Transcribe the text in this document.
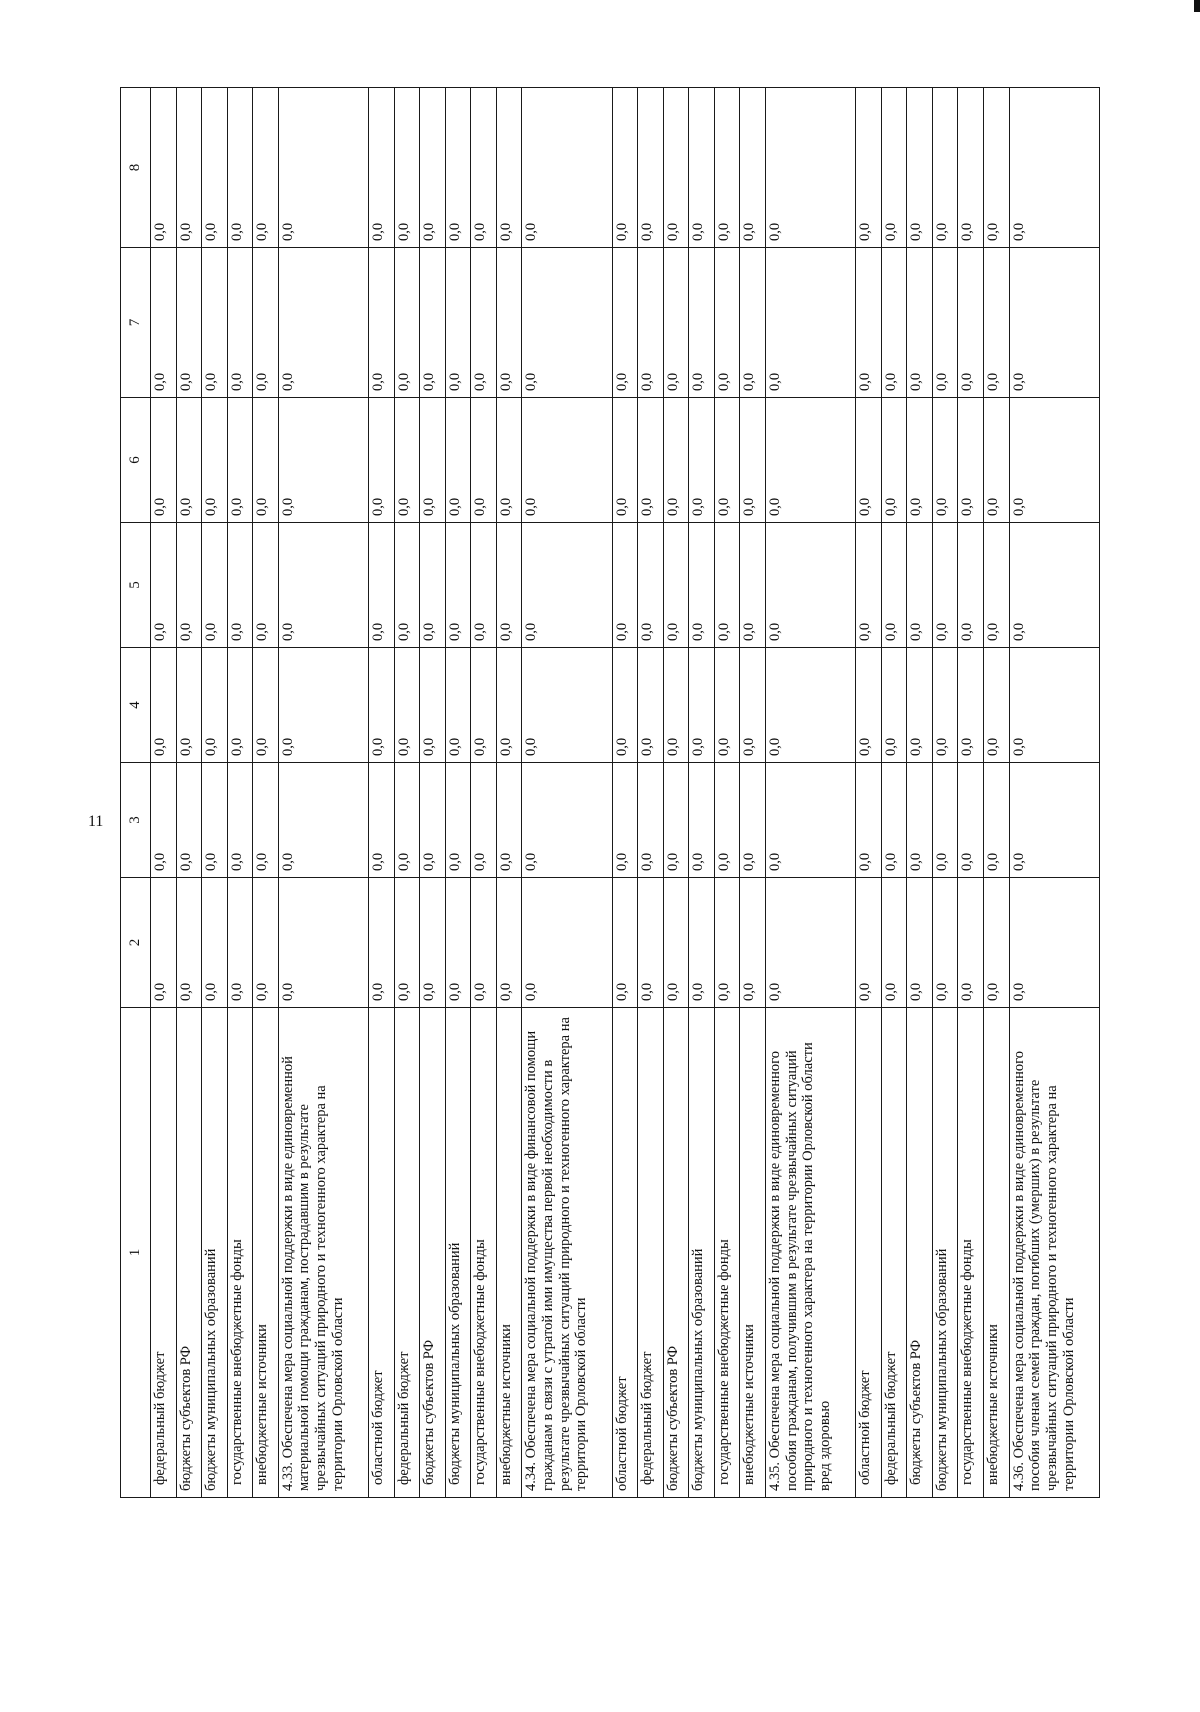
11
1	2	3	4	5	6	7	8
федеральный бюджет	0,0	0,0	0,0	0,0	0,0	0,0	0,0
бюджеты субъектов РФ	0,0	0,0	0,0	0,0	0,0	0,0	0,0
бюджеты муниципальных образований	0,0	0,0	0,0	0,0	0,0	0,0	0,0
государственные внебюджетные фонды	0,0	0,0	0,0	0,0	0,0	0,0	0,0
внебюджетные источники	0,0	0,0	0,0	0,0	0,0	0,0	0,0
4.33. Обеспечена мера социальной поддержки в виде единовременной материальной помощи гражданам, пострадавшим в результате чрезвычайных ситуаций природного и техногенного характера на территории Орловской области	0,0	0,0	0,0	0,0	0,0	0,0	0,0
областной бюджет	0,0	0,0	0,0	0,0	0,0	0,0	0,0
федеральный бюджет	0,0	0,0	0,0	0,0	0,0	0,0	0,0
бюджеты субъектов РФ	0,0	0,0	0,0	0,0	0,0	0,0	0,0
бюджеты муниципальных образований	0,0	0,0	0,0	0,0	0,0	0,0	0,0
государственные внебюджетные фонды	0,0	0,0	0,0	0,0	0,0	0,0	0,0
внебюджетные источники	0,0	0,0	0,0	0,0	0,0	0,0	0,0
4.34. Обеспечена мера социальной поддержки в виде финансовой помощи гражданам в связи с утратой ими имущества первой необходимости в результате чрезвычайных ситуаций природного и техногенного характера на территории Орловской области	0,0	0,0	0,0	0,0	0,0	0,0	0,0
областной бюджет	0,0	0,0	0,0	0,0	0,0	0,0	0,0
федеральный бюджет	0,0	0,0	0,0	0,0	0,0	0,0	0,0
бюджеты субъектов РФ	0,0	0,0	0,0	0,0	0,0	0,0	0,0
бюджеты муниципальных образований	0,0	0,0	0,0	0,0	0,0	0,0	0,0
государственные внебюджетные фонды	0,0	0,0	0,0	0,0	0,0	0,0	0,0
внебюджетные источники	0,0	0,0	0,0	0,0	0,0	0,0	0,0
4.35. Обеспечена мера социальной поддержки в виде единовременного пособия гражданам, получившим в результате чрезвычайных ситуаций природного и техногенного характера на территории Орловской области вред здоровью	0,0	0,0	0,0	0,0	0,0	0,0	0,0
областной бюджет	0,0	0,0	0,0	0,0	0,0	0,0	0,0
федеральный бюджет	0,0	0,0	0,0	0,0	0,0	0,0	0,0
бюджеты субъектов РФ	0,0	0,0	0,0	0,0	0,0	0,0	0,0
бюджеты муниципальных образований	0,0	0,0	0,0	0,0	0,0	0,0	0,0
государственные внебюджетные фонды	0,0	0,0	0,0	0,0	0,0	0,0	0,0
внебюджетные источники	0,0	0,0	0,0	0,0	0,0	0,0	0,0
4.36. Обеспечена мера социальной поддержки в виде единовременного пособия членам семей граждан, погибших (умерших) в результате чрезвычайных ситуаций природного и техногенного характера на территории Орловской области	0,0	0,0	0,0	0,0	0,0	0,0	0,0
